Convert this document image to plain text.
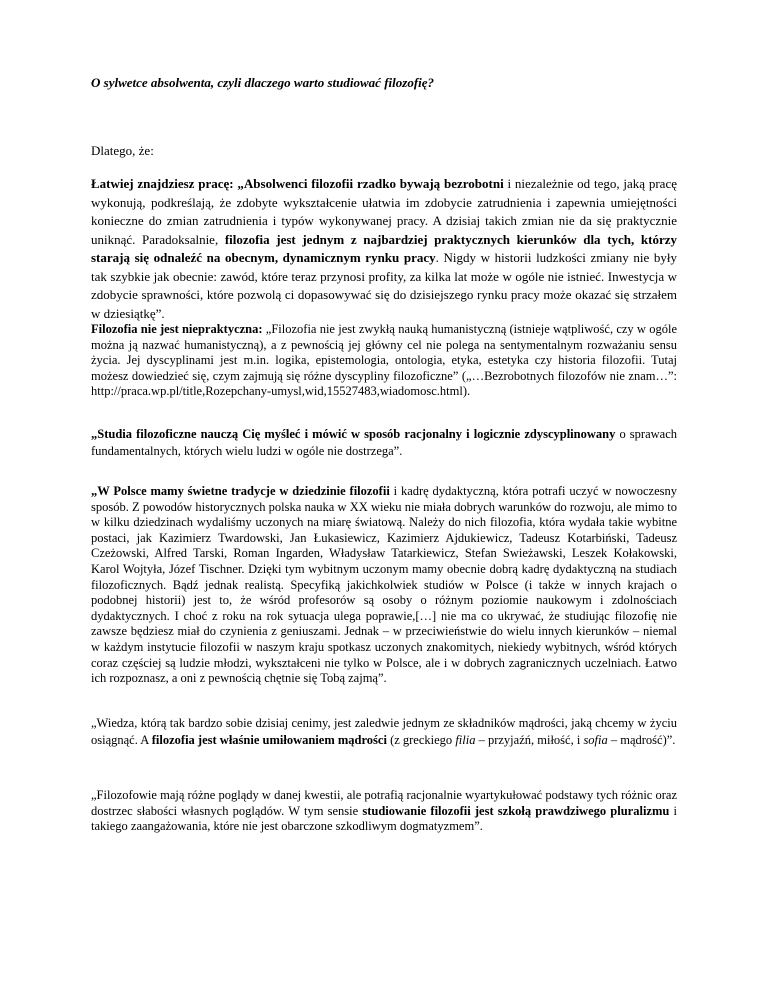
O sylwetce absolwenta, czyli dlaczego warto studiować filozofię?
Dlatego, że:
Łatwiej znajdziesz pracę: „Absolwenci filozofii rzadko bywają bezrobotni i niezależnie od tego, jaką pracę wykonują, podkreślają, że zdobyte wykształcenie ułatwia im zdobycie zatrudnienia i zapewnia umiejętności konieczne do zmian zatrudnienia i typów wykonywanej pracy. A dzisiaj takich zmian nie da się praktycznie uniknąć. Paradoksalnie, filozofia jest jednym z najbardziej praktycznych kierunków dla tych, którzy starają się odnaleźć na obecnym, dynamicznym rynku pracy. Nigdy w historii ludzkości zmiany nie były tak szybkie jak obecnie: zawód, które teraz przynosi profity, za kilka lat może w ogóle nie istnieć. Inwestycja w zdobycie sprawności, które pozwolą ci dopasowywać się do dzisiejszego rynku pracy może okazać się strzałem w dziesiątkę”.
Filozofia nie jest niepraktyczna: „Filozofia nie jest zwykłą nauką humanistyczną (istnieje wątpliwość, czy w ogóle można ją nazwać humanistyczną), a z pewnością jej główny cel nie polega na sentymentalnym rozważaniu sensu życia. Jej dyscyplinami jest m.in. logika, epistemologia, ontologia, etyka, estetyka czy historia filozofii. Tutaj możesz dowiedzieć się, czym zajmują się różne dyscypliny filozoficzne” („…Bezrobotnych filozofów nie znam…”: http://praca.wp.pl/title,Rozepchany-umysl,wid,15527483,wiadomosc.html).
„Studia filozoficzne nauczą Cię myśleć i mówić w sposób racjonalny i logicznie zdyscyplinowany o sprawach fundamentalnych, których wielu ludzi w ogóle nie dostrzega”.
„W Polsce mamy świetne tradycje w dziedzinie filozofii i kadrę dydaktyczną, która potrafi uczyć w nowoczesny sposób. Z powodów historycznych polska nauka w XX wieku nie miała dobrych warunków do rozwoju, ale mimo to w kilku dziedzinach wydaliśmy uczonych na miarę światową. Należy do nich filozofia, która wydała takie wybitne postaci, jak Kazimierz Twardowski, Jan Łukasiewicz, Kazimierz Ajdukiewicz, Tadeusz Kotarbiński, Tadeusz Czeżowski, Alfred Tarski, Roman Ingarden, Władysław Tatarkiewicz, Stefan Swieżawski, Leszek Kołakowski, Karol Wojtyła, Józef Tischner. Dzięki tym wybitnym uczonym mamy obecnie dobrą kadrę dydaktyczną na studiach filozoficznych. Bądź jednak realistą. Specyfiką jakichkolwiek studiów w Polsce (i także w innych krajach o podobnej historii) jest to, że wśród profesorów są osoby o różnym poziomie naukowym i zdolnościach dydaktycznych. I choć z roku na rok sytuacja ulega poprawie,[…] nie ma co ukrywać, że studiując filozofię nie zawsze będziesz miał do czynienia z geniuszami. Jednak – w przeciwieństwie do wielu innych kierunków – niemal w każdym instytucie filozofii w naszym kraju spotkasz uczonych znakomitych, niekiedy wybitnych, wśród których coraz częściej są ludzie młodzi, wykształceni nie tylko w Polsce, ale i w dobrych zagranicznych uczelniach. Łatwo ich rozpoznasz, a oni z pewnością chętnie się Tobą zajmą”.
„Wiedza, którą tak bardzo sobie dzisiaj cenimy, jest zaledwie jednym ze składników mądrości, jaką chcemy w życiu osiągnąć. A filozofia jest właśnie umiłowaniem mądrości (z greckiego filia – przyjaźń, miłość, i sofia – mądrość)”.
„Filozofowie mają różne poglądy w danej kwestii, ale potrafią racjonalnie wyartykułować podstawy tych różnic oraz dostrzec słabości własnych poglądów. W tym sensie studiowanie filozofii jest szkołą prawdziwego pluralizmu i takiego zaangażowania, które nie jest obarczone szkodliwym dogmatyzmem”.
